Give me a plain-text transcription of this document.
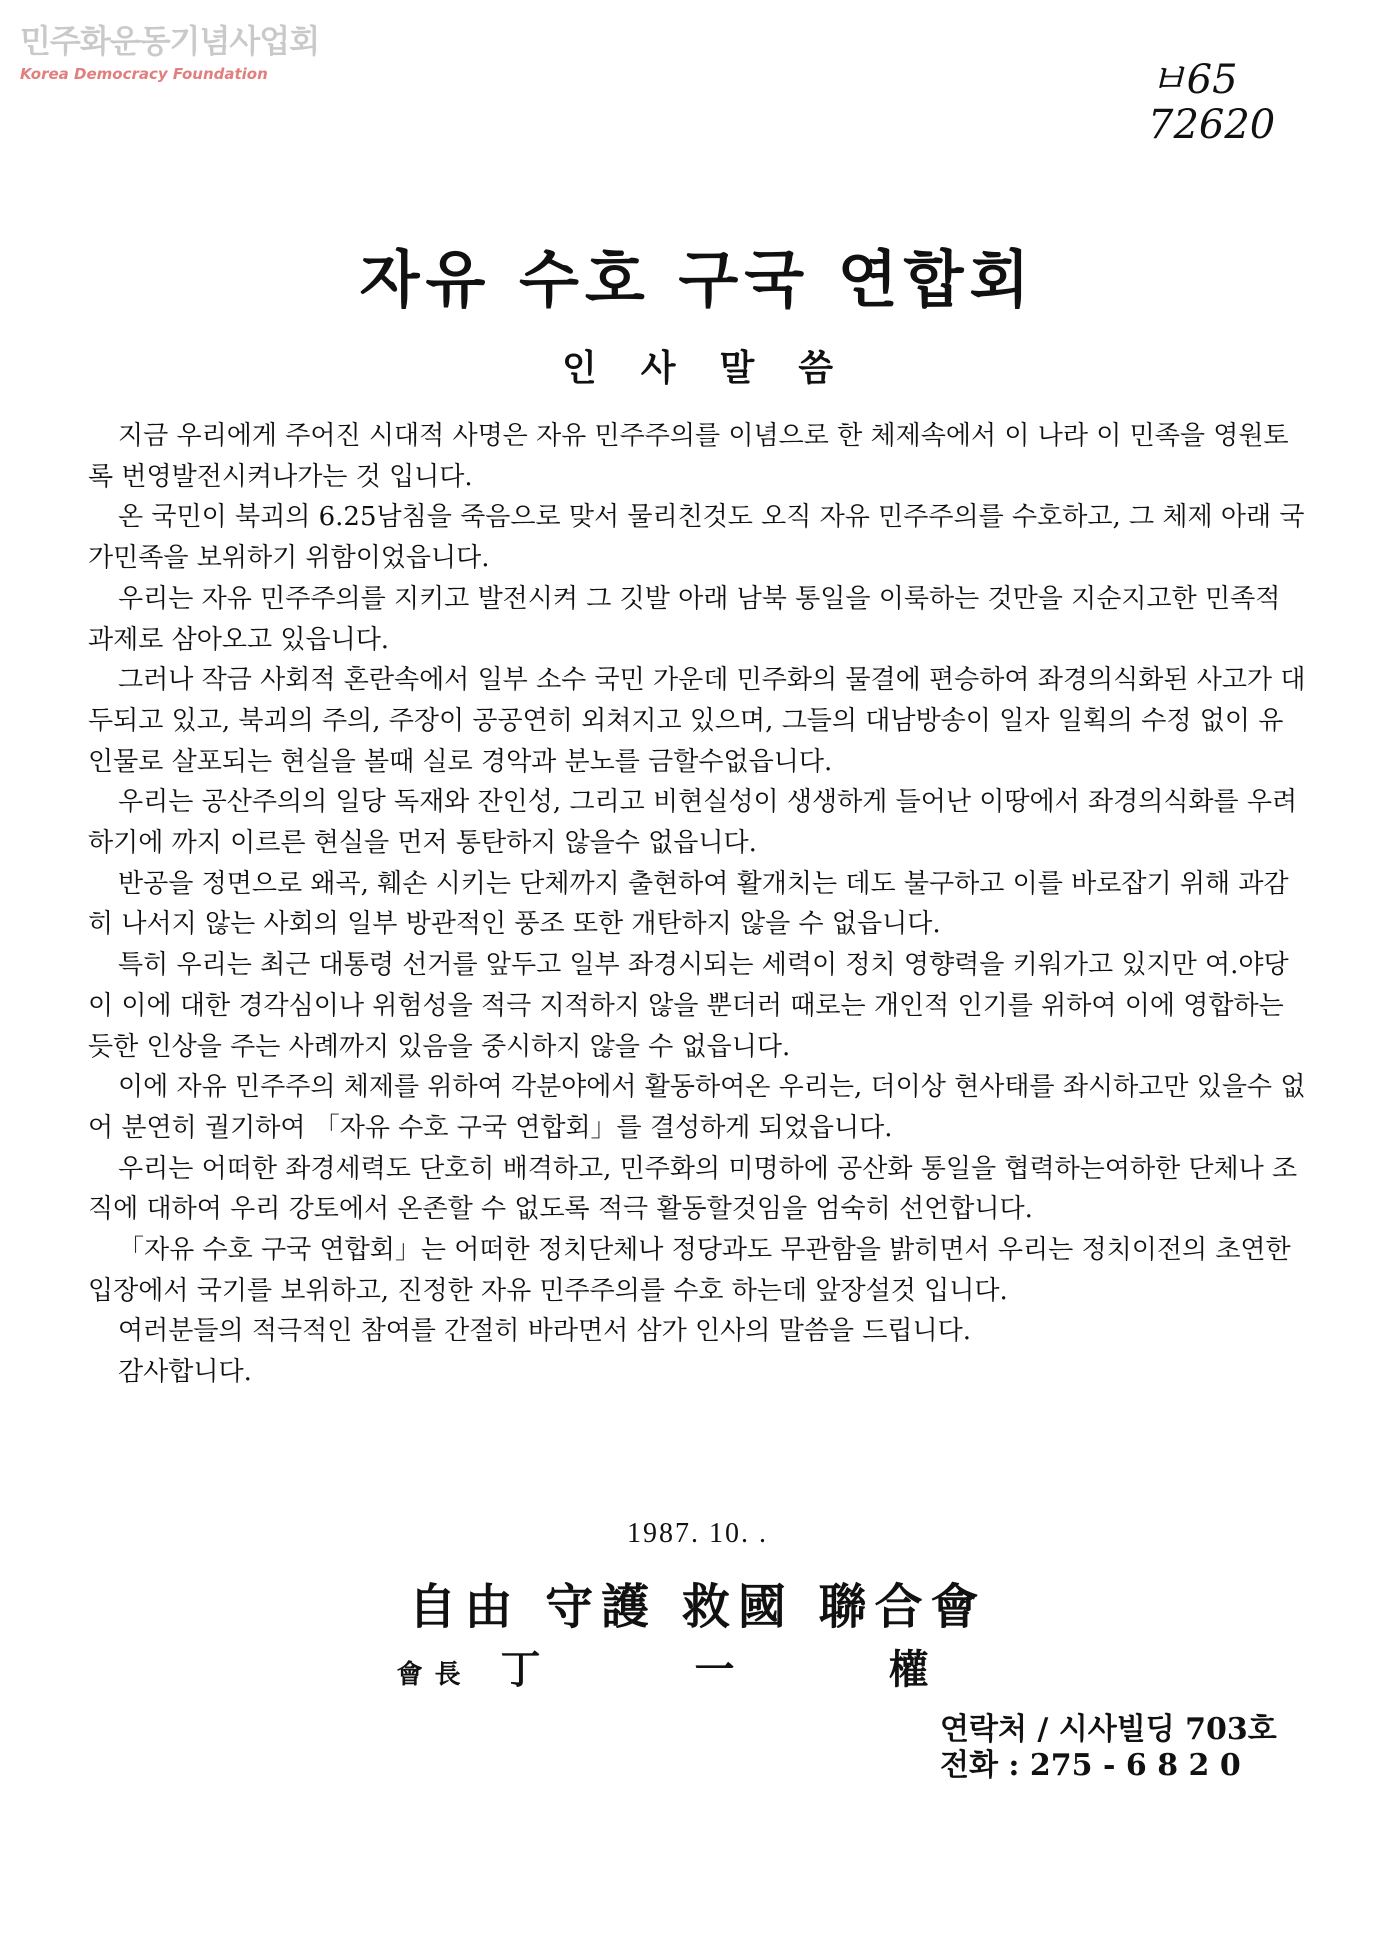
민주화운동기념사업회
Korea Democracy Foundation	ㅂ65
72620
자유 수호 구국 연합회
인사말씀

지금 우리에게 주어진 시대적 사명은 자유 민주주의를 이념으로 한 체제속에서 이 나라 이 민족을 영원토록 번영발전시켜나가는 것 입니다.

온 국민이 북괴의 6.25남침을 죽음으로 맞서 물리친것도 오직 자유 민주주의를 수호하고, 그 체제 아래 국가민족을 보위하기 위함이었읍니다.

우리는 자유 민주주의를 지키고 발전시켜 그 깃발 아래 남북 통일을 이룩하는 것만을 지순지고한 민족적 과제로 삼아오고 있읍니다.

그러나 작금 사회적 혼란속에서 일부 소수 국민 가운데 민주화의 물결에 편승하여 좌경의식화된 사고가 대두되고 있고, 북괴의 주의, 주장이 공공연히 외쳐지고 있으며, 그들의 대남방송이 일자 일획의 수정 없이 유인물로 살포되는 현실을 볼때 실로 경악과 분노를 금할수없읍니다.

우리는 공산주의의 일당 독재와 잔인성, 그리고 비현실성이 생생하게 들어난 이땅에서 좌경의식화를 우려하기에 까지 이르른 현실을 먼저 통탄하지 않을수 없읍니다.

반공을 정면으로 왜곡, 훼손 시키는 단체까지 출현하여 활개치는 데도 불구하고 이를 바로잡기 위해 과감히 나서지 않는 사회의 일부 방관적인 풍조 또한 개탄하지 않을 수 없읍니다.

특히 우리는 최근 대통령 선거를 앞두고 일부 좌경시되는 세력이 정치 영향력을 키워가고 있지만 여.야당이 이에 대한 경각심이나 위험성을 적극 지적하지 않을 뿐더러 때로는 개인적 인기를 위하여 이에 영합하는 듯한 인상을 주는 사례까지 있음을 중시하지 않을 수 없읍니다.

이에 자유 민주주의 체제를 위하여 각분야에서 활동하여온 우리는, 더이상 현사태를 좌시하고만 있을수 없어 분연히 궐기하여 「자유 수호 구국 연합회」를 결성하게 되었읍니다.

우리는 어떠한 좌경세력도 단호히 배격하고, 민주화의 미명하에 공산화 통일을 협력하는여하한 단체나 조직에 대하여 우리 강토에서 온존할 수 없도록 적극 활동할것임을 엄숙히 선언합니다.

「자유 수호 구국 연합회」는 어떠한 정치단체나 정당과도 무관함을 밝히면서 우리는 정치이전의 초연한 입장에서 국기를 보위하고, 진정한 자유 민주주의를 수호 하는데 앞장설것 입니다.

여러분들의 적극적인 참여를 간절히 바라면서 삼가 인사의 말씀을 드립니다.

감사합니다.

1987. 10. .
自由 守護 救國 聯合會
會長 丁 一 權
연락처 / 시사빌딩 703호
전화 : 275 - 6 8 2 0
